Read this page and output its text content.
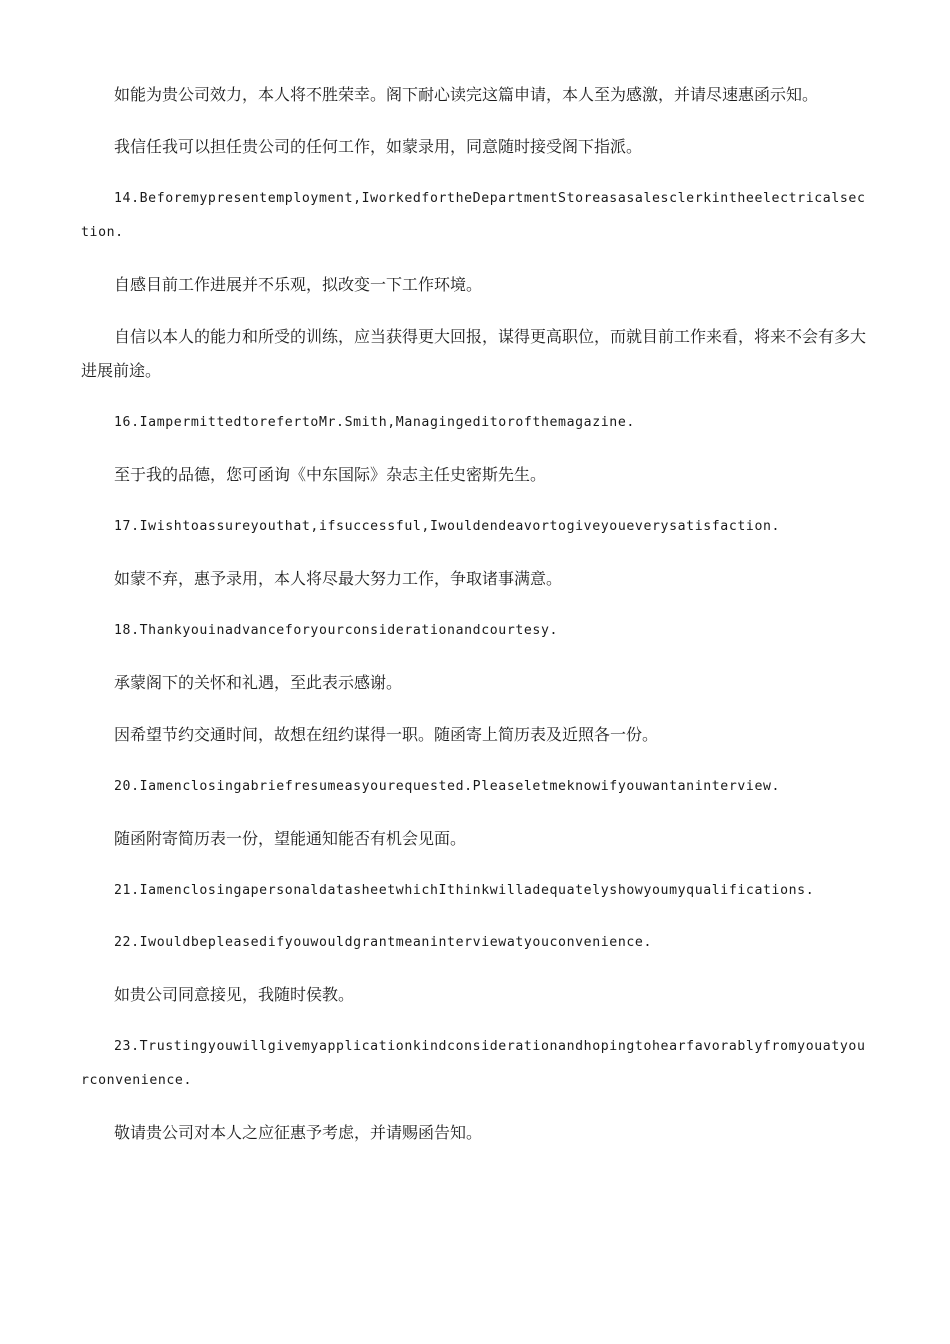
如能为贵公司效力，本人将不胜荣幸。阁下耐心读完这篇申请，本人至为感激，并请尽速惠函示知。

我信任我可以担任贵公司的任何工作，如蒙录用，同意随时接受阁下指派。

14.Beforemypresentemployment,IworkedfortheDepartmentStoreasasalesclerkintheelectricalsection.

自感目前工作进展并不乐观，拟改变一下工作环境。

自信以本人的能力和所受的训练，应当获得更大回报，谋得更高职位，而就目前工作来看，将来不会有多大进展前途。

16.IampermittedtorefertoMr.Smith,Managingeditorofthemagazine.

至于我的品德，您可函询《中东国际》杂志主任史密斯先生。

17.Iwishtoassureyouthat,ifsuccessful,Iwouldendeavortogiveyoueverysatisfaction.

如蒙不弃，惠予录用，本人将尽最大努力工作，争取诸事满意。

18.Thankyouinadvanceforyourconsiderationandcourtesy.

承蒙阁下的关怀和礼遇，至此表示感谢。

因希望节约交通时间，故想在纽约谋得一职。随函寄上简历表及近照各一份。

20.Iamenclosingabriefresumeasyourequested.Pleaseletmeknowifyouwantaninterview.

随函附寄简历表一份，望能通知能否有机会见面。

21.IamenclosingapersonaldatasheetwhichIthinkwilladequatelyshowyoumyqualifications.

22.Iwouldbepleasedifyouwouldgrantmeaninterviewatyouconvenience.

如贵公司同意接见，我随时侯教。

23.Trustingyouwillgivemyapplicationkindconsiderationandhopingtohearfavorablyfromyouatyourconvenience.

敬请贵公司对本人之应征惠予考虑，并请赐函告知。
